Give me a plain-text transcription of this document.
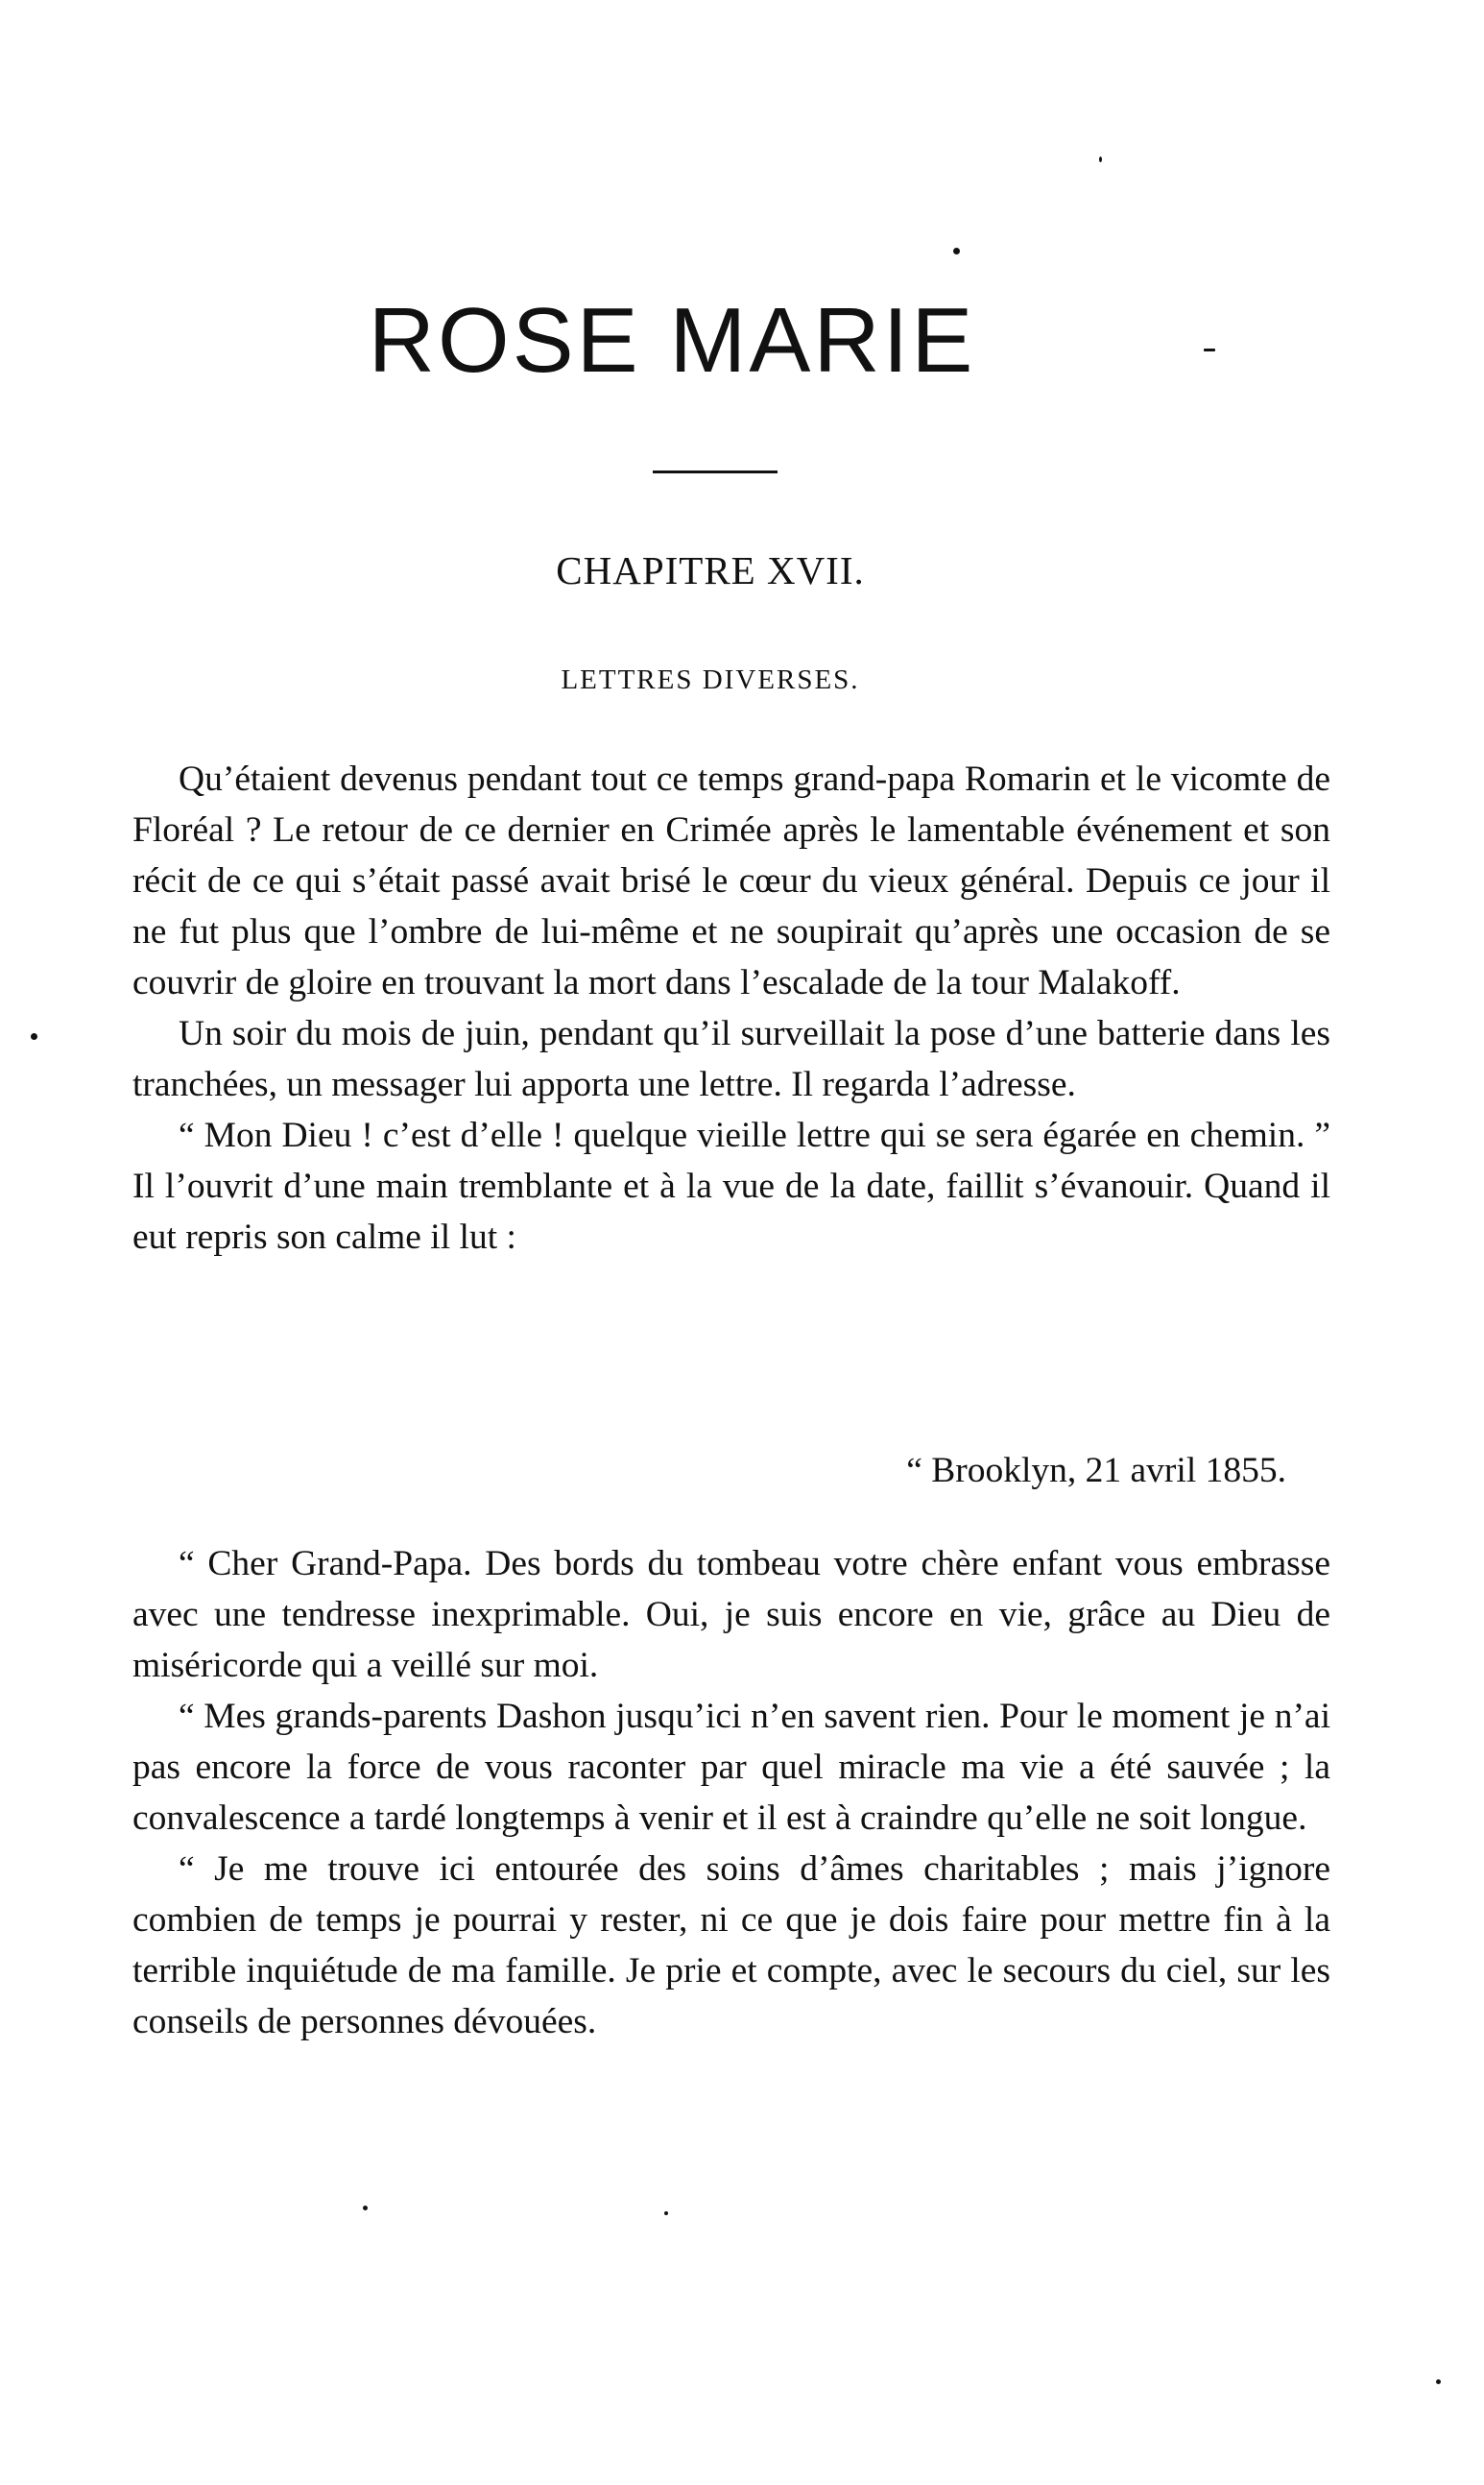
ROSE MARIE
CHAPITRE XVII.
LETTRES DIVERSES.

Qu’étaient devenus pendant tout ce temps grand-papa Romarin et le vicomte de Floréal ? Le retour de ce dernier en Crimée après le lamentable événement et son récit de ce qui s’était passé avait brisé le cœur du vieux général. Depuis ce jour il ne fut plus que l’ombre de lui-même et ne soupirait qu’après une occasion de se couvrir de gloire en trouvant la mort dans l’escalade de la tour Malakoff.

Un soir du mois de juin, pendant qu’il surveillait la pose d’une batterie dans les tranchées, un messager lui apporta une lettre. Il regarda l’adresse.

“ Mon Dieu ! c’est d’elle ! quelque vieille lettre qui se sera égarée en chemin. ” Il l’ouvrit d’une main tremblante et à la vue de la date, faillit s’évanouir. Quand il eut repris son calme il lut :

“ Brooklyn, 21 avril 1855.

“ Cher Grand-Papa. Des bords du tombeau votre chère enfant vous embrasse avec une tendresse inexprimable. Oui, je suis encore en vie, grâce au Dieu de miséricorde qui a veillé sur moi.

“ Mes grands-parents Dashon jusqu’ici n’en savent rien. Pour le moment je n’ai pas encore la force de vous raconter par quel miracle ma vie a été sauvée ; la convalescence a tardé longtemps à venir et il est à craindre qu’elle ne soit longue.

“ Je me trouve ici entourée des soins d’âmes charitables ; mais j’ignore combien de temps je pourrai y rester, ni ce que je dois faire pour mettre fin à la terrible inquiétude de ma famille. Je prie et compte, avec le secours du ciel, sur les conseils de personnes dévouées.
